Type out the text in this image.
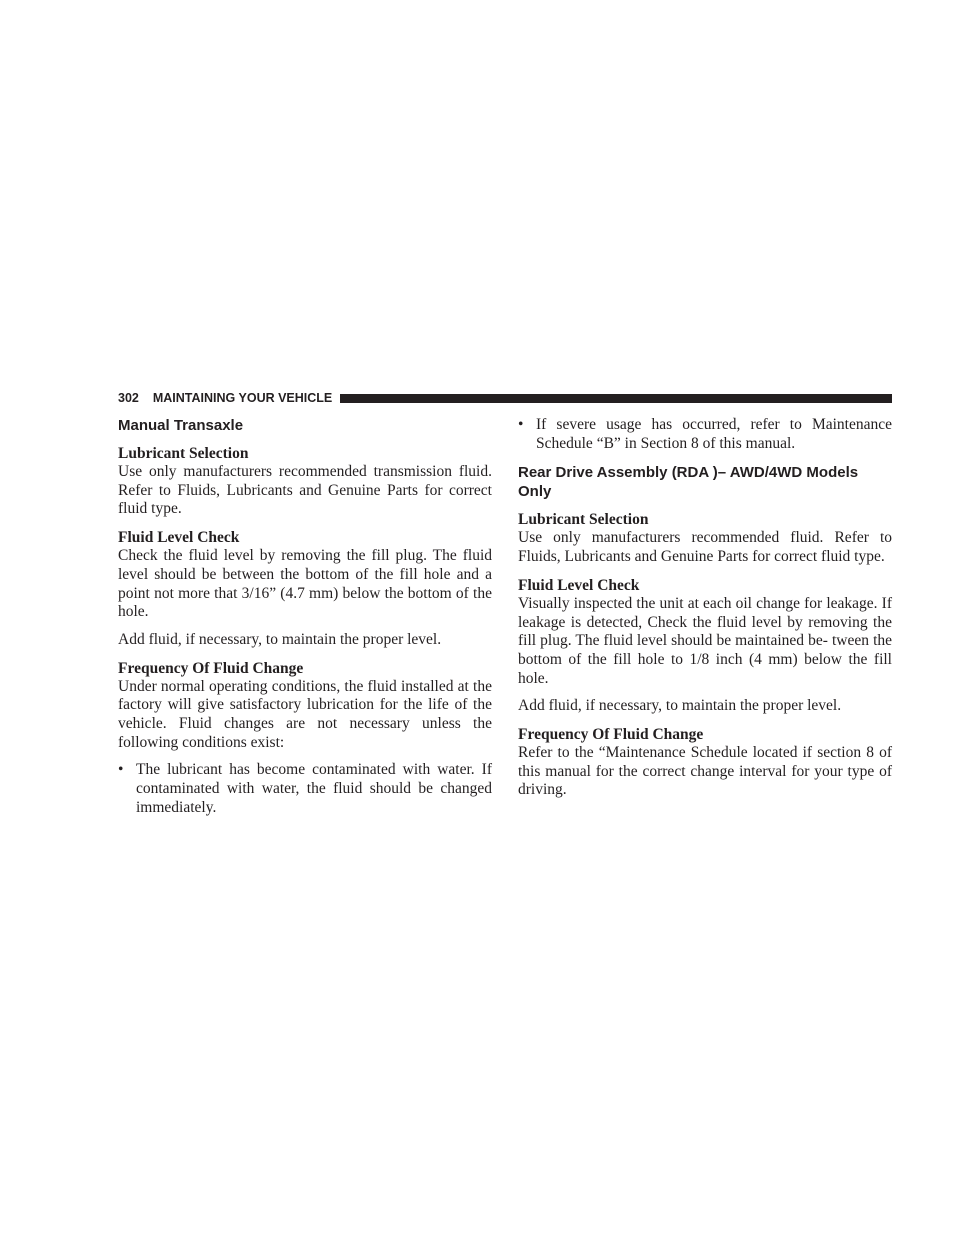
302 MAINTAINING YOUR VEHICLE
Manual Transaxle
Lubricant Selection

Use only manufacturers recommended transmission fluid. Refer to Fluids, Lubricants and Genuine Parts for correct fluid type.

Fluid Level Check

Check the fluid level by removing the fill plug. The fluid level should be between the bottom of the fill hole and a point not more that 3/16” (4.7 mm) below the bottom of the hole.

Add fluid, if necessary, to maintain the proper level.

Frequency Of Fluid Change

Under normal operating conditions, the fluid installed at the factory will give satisfactory lubrication for the life of the vehicle. Fluid changes are not necessary unless the following conditions exist:

• The lubricant has become contaminated with water. If contaminated with water, the fluid should be changed immediately.
• If severe usage has occurred, refer to Maintenance Schedule “B” in Section 8 of this manual.
Rear Drive Assembly (RDA )– AWD/4WD Models Only
Lubricant Selection

Use only manufacturers recommended fluid. Refer to Fluids, Lubricants and Genuine Parts for correct fluid type.

Fluid Level Check

Visually inspected the unit at each oil change for leakage. If leakage is detected, Check the fluid level by removing the fill plug. The fluid level should be maintained be- tween the bottom of the fill hole to 1/8 inch (4 mm) below the fill hole.

Add fluid, if necessary, to maintain the proper level.

Frequency Of Fluid Change

Refer to the “Maintenance Schedule located if section 8 of this manual for the correct change interval for your type of driving.
